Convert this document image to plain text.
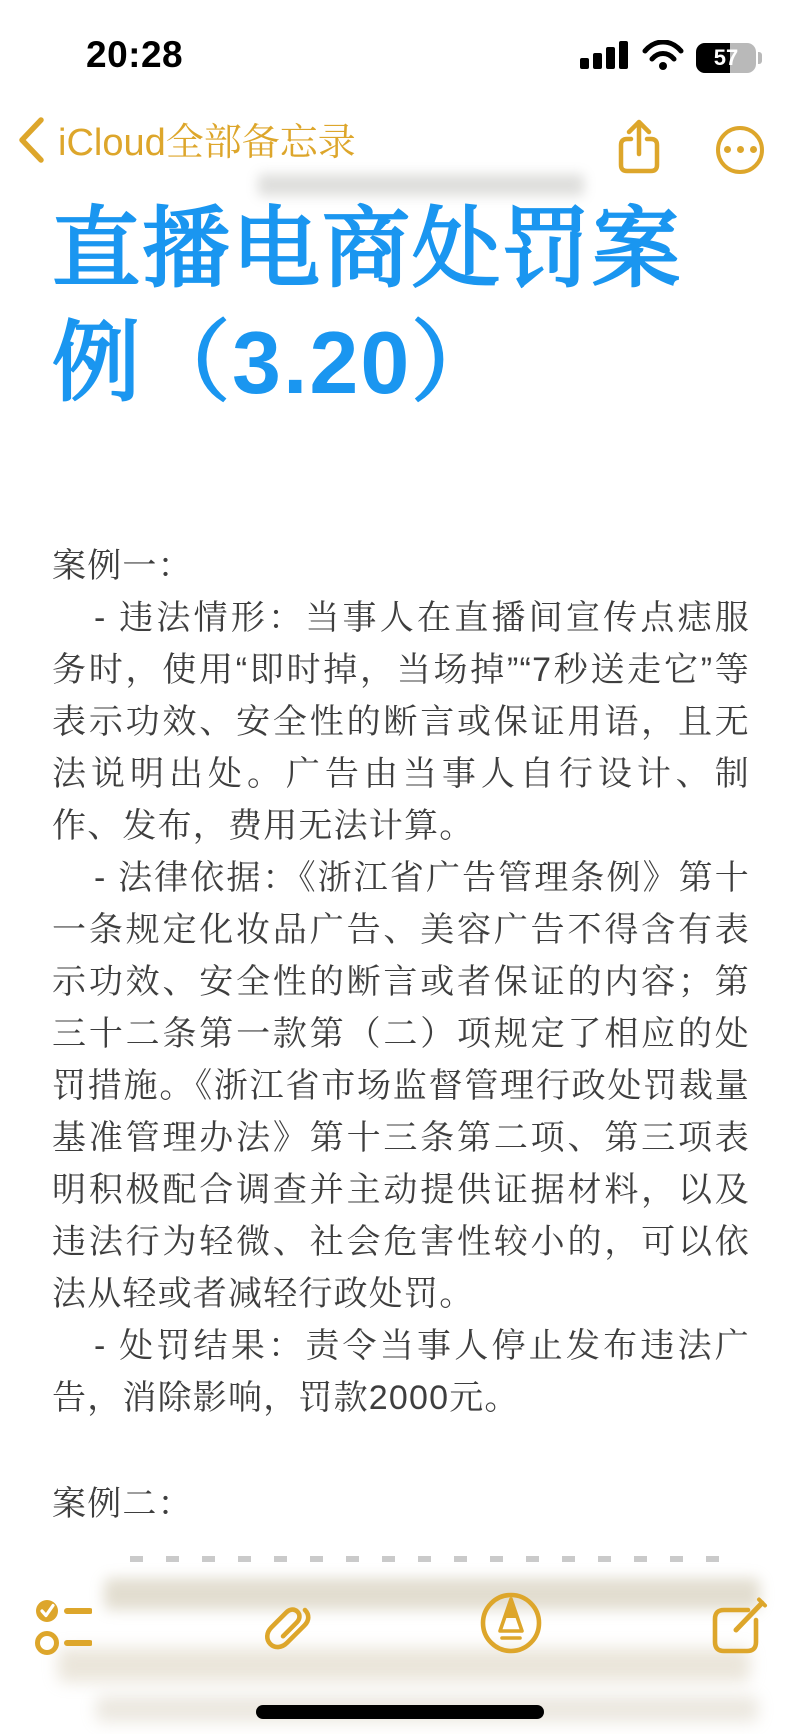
20:28	57
iCloud全部备忘录
直播电商处罚案例（3.20）

案例一：

- 违法情形：当事人在直播间宣传点痣服务时，使用“即时掉，当场掉”“7秒送走它”等表示功效、安全性的断言或保证用语，且无法说明出处。广告由当事人自行设计、制作、发布，费用无法计算。

- 法律依据：《浙江省广告管理条例》第十一条规定化妆品广告、美容广告不得含有表示功效、安全性的断言或者保证的内容；第三十二条第一款第（二）项规定了相应的处罚措施。《浙江省市场监督管理行政处罚裁量基准管理办法》第十三条第二项、第三项表明积极配合调查并主动提供证据材料，以及违法行为轻微、社会危害性较小的，可以依法从轻或者减轻行政处罚。

- 处罚结果：责令当事人停止发布违法广告，消除影响，罚款2000元。

案例二：
